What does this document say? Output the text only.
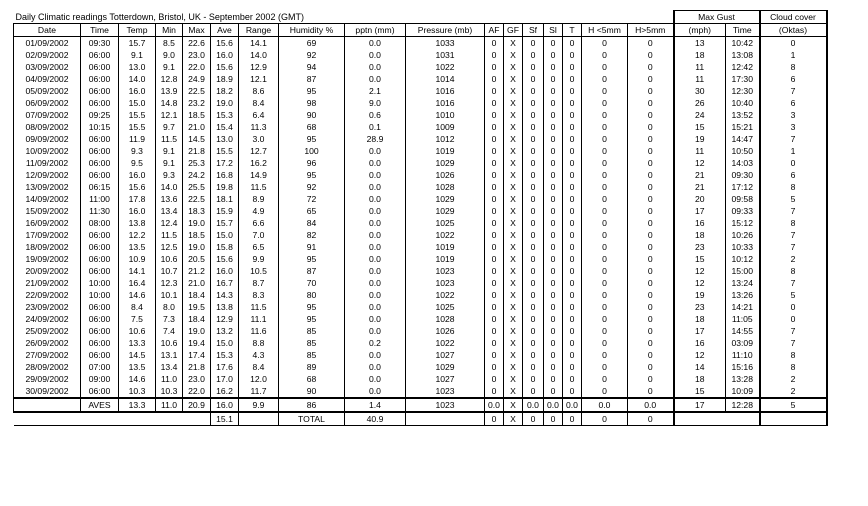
Daily Climatic readings Totterdown, Bristol, UK - September 2002 (GMT)																	Max Gust		Cloud cover
Date	Time	Temp	Min	Max	Ave	Range	Humidity %	pptn (mm)	Pressure (mb)	AF	GF	Sf	Sl	T	H <5mm	H>5mm	(mph)	Time	(Oktas)
01/09/2002	09:30	15.7	8.5	22.6	15.6	14.1	69	0.0	1033	0	X	0	0	0	0	0	13	10:42	0
02/09/2002	06:00	9.1	9.0	23.0	16.0	14.0	92	0.0	1031	0	X	0	0	0	0	0	18	13:08	1
03/09/2002	06:00	13.0	9.1	22.0	15.6	12.9	94	0.0	1022	0	X	0	0	0	0	0	11	12:42	8
04/09/2002	06:00	14.0	12.8	24.9	18.9	12.1	87	0.0	1014	0	X	0	0	0	0	0	11	17:30	6
05/09/2002	06:00	16.0	13.9	22.5	18.2	8.6	95	2.1	1016	0	X	0	0	0	0	0	30	12:30	7
06/09/2002	06:00	15.0	14.8	23.2	19.0	8.4	98	9.0	1016	0	X	0	0	0	0	0	26	10:40	6
07/09/2002	09:25	15.5	12.1	18.5	15.3	6.4	90	0.6	1010	0	X	0	0	0	0	0	24	13:52	3
08/09/2002	10:15	15.5	9.7	21.0	15.4	11.3	68	0.1	1009	0	X	0	0	0	0	0	15	15:21	3
09/09/2002	06:00	11.9	11.5	14.5	13.0	3.0	95	28.9	1012	0	X	0	0	0	0	0	19	14:47	7
10/09/2002	06:00	9.3	9.1	21.8	15.5	12.7	100	0.0	1019	0	X	0	0	0	0	0	11	10:50	1
11/09/2002	06:00	9.5	9.1	25.3	17.2	16.2	96	0.0	1029	0	X	0	0	0	0	0	12	14:03	0
12/09/2002	06:00	16.0	9.3	24.2	16.8	14.9	95	0.0	1026	0	X	0	0	0	0	0	21	09:30	6
13/09/2002	06:15	15.6	14.0	25.5	19.8	11.5	92	0.0	1028	0	X	0	0	0	0	0	21	17:12	8
14/09/2002	11:00	17.8	13.6	22.5	18.1	8.9	72	0.0	1029	0	X	0	0	0	0	0	20	09:58	5
15/09/2002	11:30	16.0	13.4	18.3	15.9	4.9	65	0.0	1029	0	X	0	0	0	0	0	17	09:33	7
16/09/2002	08:00	13.8	12.4	19.0	15.7	6.6	84	0.0	1025	0	X	0	0	0	0	0	16	15:12	8
17/09/2002	06:00	12.2	11.5	18.5	15.0	7.0	82	0.0	1022	0	X	0	0	0	0	0	18	10:26	7
18/09/2002	06:00	13.5	12.5	19.0	15.8	6.5	91	0.0	1019	0	X	0	0	0	0	0	23	10:33	7
19/09/2002	06:00	10.9	10.6	20.5	15.6	9.9	95	0.0	1019	0	X	0	0	0	0	0	15	10:12	2
20/09/2002	06:00	14.1	10.7	21.2	16.0	10.5	87	0.0	1023	0	X	0	0	0	0	0	12	15:00	8
21/09/2002	10:00	16.4	12.3	21.0	16.7	8.7	70	0.0	1023	0	X	0	0	0	0	0	12	13:24	7
22/09/2002	10:00	14.6	10.1	18.4	14.3	8.3	80	0.0	1022	0	X	0	0	0	0	0	19	13:26	5
23/09/2002	06:00	8.4	8.0	19.5	13.8	11.5	95	0.0	1025	0	X	0	0	0	0	0	23	14:21	0
24/09/2002	06:00	7.5	7.3	18.4	12.9	11.1	95	0.0	1028	0	X	0	0	0	0	0	18	11:05	0
25/09/2002	06:00	10.6	7.4	19.0	13.2	11.6	85	0.0	1026	0	X	0	0	0	0	0	17	14:55	7
26/09/2002	06:00	13.3	10.6	19.4	15.0	8.8	85	0.2	1022	0	X	0	0	0	0	0	16	03:09	7
27/09/2002	06:00	14.5	13.1	17.4	15.3	4.3	85	0.0	1027	0	X	0	0	0	0	0	12	11:10	8
28/09/2002	07:00	13.5	13.4	21.8	17.6	8.4	89	0.0	1029	0	X	0	0	0	0	0	14	15:16	8
29/09/2002	09:00	14.6	11.0	23.0	17.0	12.0	68	0.0	1027	0	X	0	0	0	0	0	18	13:28	2
30/09/2002	06:00	10.3	10.3	22.0	16.2	11.7	90	0.0	1023	0	X	0	0	0	0	0	15	10:09	2
	AVES	13.3	11.0	20.9	16.0	9.9	86	1.4	1023	0.0	X	0.0	0.0	0.0	0.0	0.0	17	12:28	5
					15.1		TOTAL	40.9		0	X	0	0	0	0	0			
